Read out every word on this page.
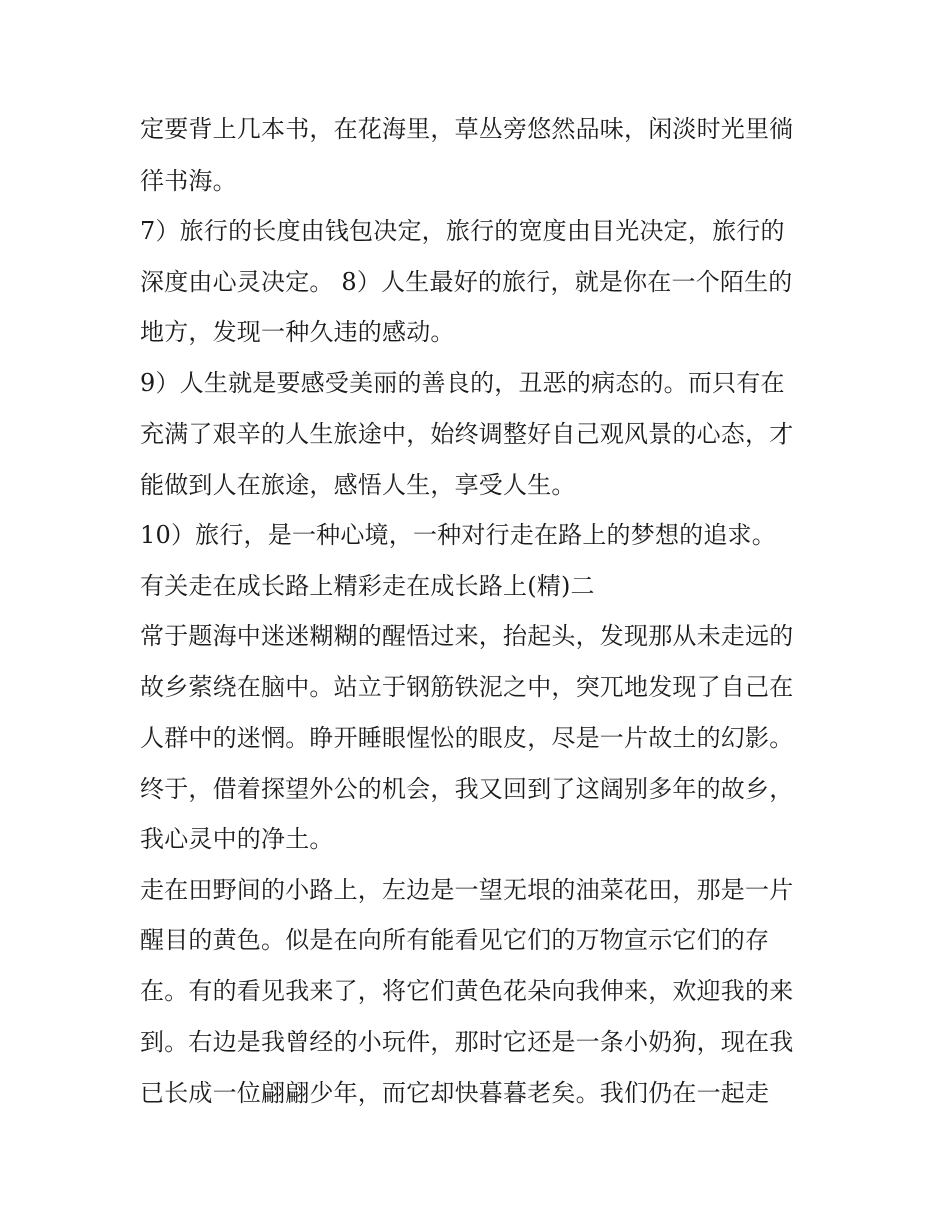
定要背上几本书，在花海里，草丛旁悠然品味，闲淡时光里徜
徉书海。
7）旅行的长度由钱包决定，旅行的宽度由目光决定，旅行的
深度由心灵决定。 8）人生最好的旅行，就是你在一个陌生的
地方，发现一种久违的感动。
9）人生就是要感受美丽的善良的，丑恶的病态的。而只有在
充满了艰辛的人生旅途中，始终调整好自己观风景的心态，才
能做到人在旅途，感悟人生，享受人生。
10）旅行，是一种心境，一种对行走在路上的梦想的追求。
有关走在成长路上精彩走在成长路上(精)二
常于题海中迷迷糊糊的醒悟过来，抬起头，发现那从未走远的
故乡萦绕在脑中。站立于钢筋铁泥之中，突兀地发现了自己在
人群中的迷惘。睁开睡眼惺忪的眼皮，尽是一片故土的幻影。
终于，借着探望外公的机会，我又回到了这阔别多年的故乡，
我心灵中的净土。
走在田野间的小路上，左边是一望无垠的油菜花田，那是一片
醒目的黄色。似是在向所有能看见它们的万物宣示它们的存
在。有的看见我来了，将它们黄色花朵向我伸来，欢迎我的来
到。右边是我曾经的小玩件，那时它还是一条小奶狗，现在我
已长成一位翩翩少年，而它却快暮暮老矣。我们仍在一起走
